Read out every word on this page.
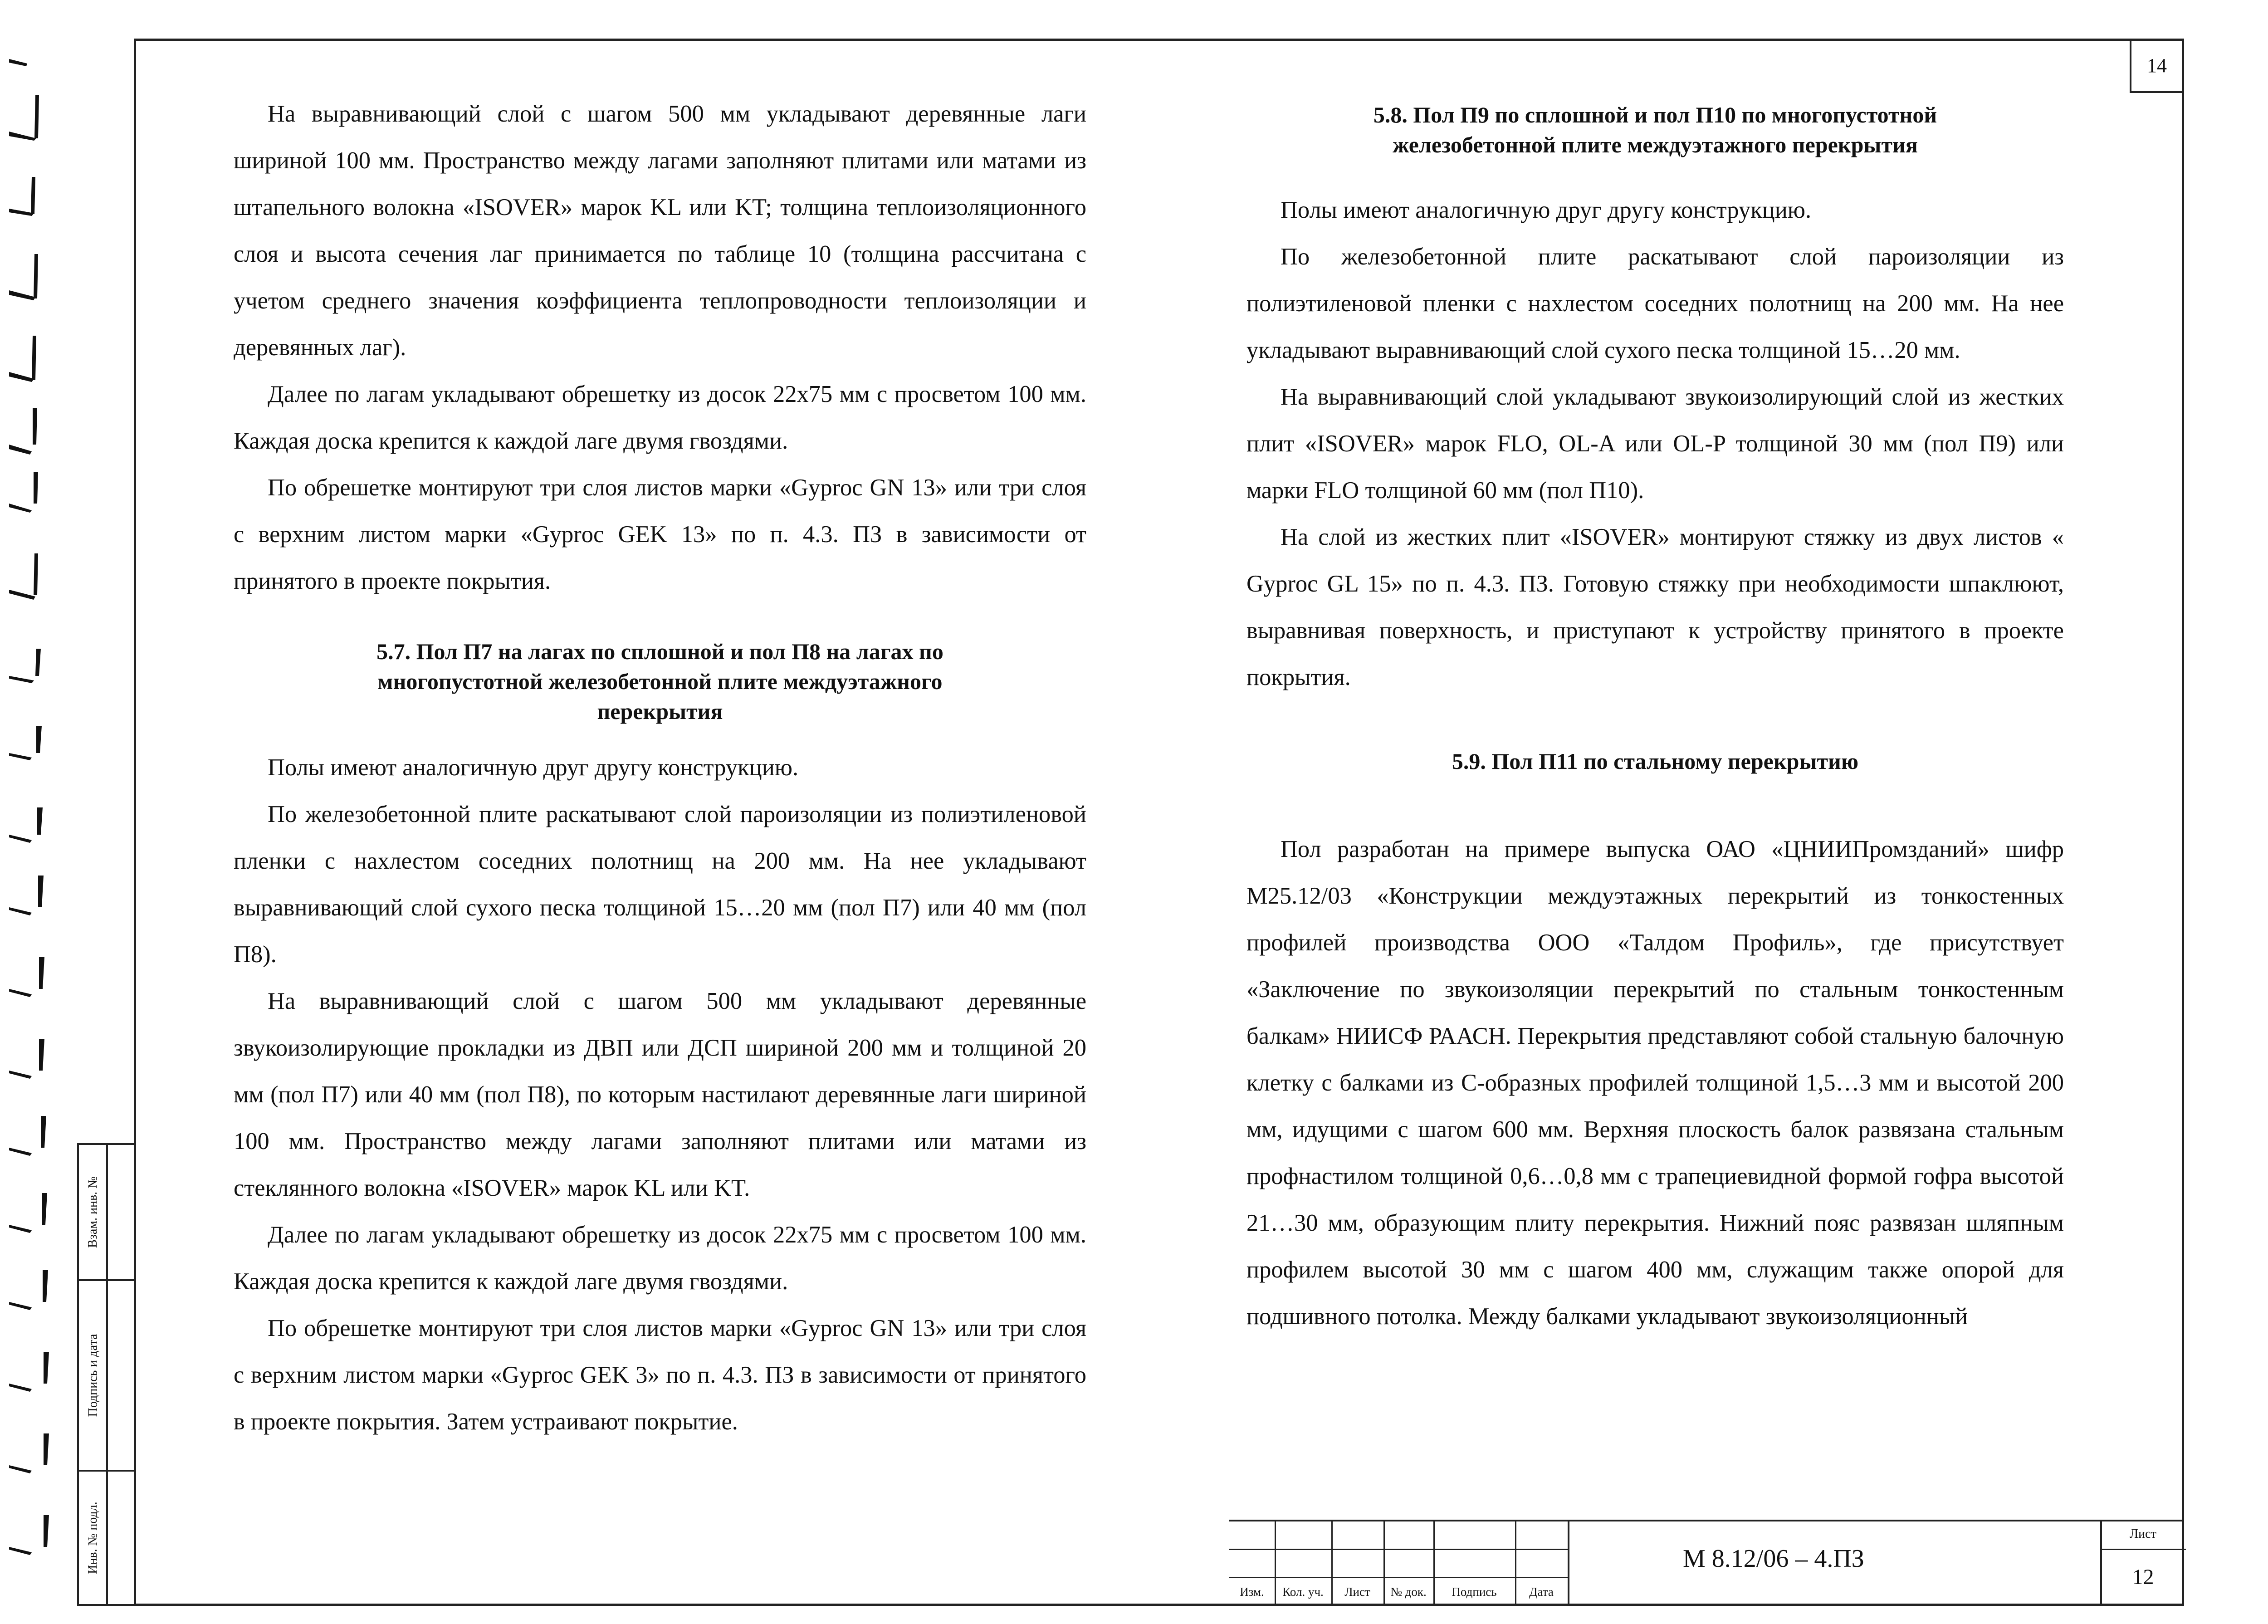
14

На выравнивающий слой с шагом 500 мм укладывают деревянные лаги шириной 100 мм. Пространство между лагами заполняют плитами или матами из штапельного волокна «ISOVER» марок KL или KT; толщина теплоизоляционного слоя и высота сечения лаг принимается по таблице 10 (толщина рассчитана с учетом среднего значения коэффициента теплопроводности теплоизоляции и деревянных лаг).

Далее по лагам укладывают обрешетку из досок 22х75 мм с просветом 100 мм. Каждая доска крепится к каждой лаге двумя гвоздями.

По обрешетке монтируют три слоя листов марки «Gyproc GN 13» или три слоя с верхним листом марки «Gyproc GEK 13» по п. 4.3. ПЗ в зависимости от принятого в проекте покрытия.

5.7. Пол П7 на лагах по сплошной и пол П8 на лагах по
многопустотной железобетонной плите междуэтажного
перекрытия

Полы имеют аналогичную друг другу конструкцию.

По железобетонной плите раскатывают слой пароизоляции из полиэтиленовой пленки с нахлестом соседних полотнищ на 200 мм. На нее укладывают выравнивающий слой сухого песка толщиной 15…20 мм (пол П7) или 40 мм (пол П8).

На выравнивающий слой с шагом 500 мм укладывают деревянные звукоизолирующие прокладки из ДВП или ДСП шириной 200 мм и толщиной 20 мм (пол П7) или 40 мм (пол П8), по которым настилают деревянные лаги шириной 100 мм. Пространство между лагами заполняют плитами или матами из стеклянного волокна «ISOVER» марок KL или KT.

Далее по лагам укладывают обрешетку из досок 22х75 мм с просветом 100 мм. Каждая доска крепится к каждой лаге двумя гвоздями.

По обрешетке монтируют три слоя листов марки «Gyproc GN 13» или три слоя с верхним листом марки «Gyproc GEK 3» по п. 4.3. ПЗ в зависимости от принятого в проекте покрытия. Затем устраивают покрытие.

5.8. Пол П9 по сплошной и пол П10 по многопустотной
железобетонной плите междуэтажного перекрытия

Полы имеют аналогичную друг другу конструкцию.

По железобетонной плите раскатывают слой пароизоляции из полиэтиленовой пленки с нахлестом соседних полотнищ на 200 мм. На нее укладывают выравнивающий слой сухого песка толщиной 15…20 мм.

На выравнивающий слой укладывают звукоизолирующий слой из жестких плит «ISOVER» марок FLO, OL-A или OL-P толщиной 30 мм (пол П9) или марки FLO толщиной 60 мм (пол П10).

На слой из жестких плит «ISOVER» монтируют стяжку из двух листов « Gyproc GL 15» по п. 4.3. ПЗ. Готовую стяжку при необходимости шпаклюют, выравнивая поверхность, и приступают к устройству принятого в проекте покрытия.

5.9. Пол П11 по стальному перекрытию

Пол разработан на примере выпуска ОАО «ЦНИИПромзданий» шифр М25.12/03 «Конструкции междуэтажных перекрытий из тонкостенных профилей производства ООО «Талдом Профиль», где присутствует «Заключение по звукоизоляции перекрытий по стальным тонкостенным балкам» НИИСФ РААСН. Перекрытия представляют собой стальную балочную клетку с балками из С-образных профилей толщиной 1,5…3 мм и высотой 200 мм, идущими с шагом 600 мм. Верхняя плоскость балок развязана стальным профнастилом толщиной 0,6…0,8 мм с трапециевидной формой гофра высотой 21…30 мм, образующим плиту перекрытия. Нижний пояс развязан шляпным профилем высотой 30 мм с шагом 400 мм, служащим также опорой для подшивного потолка. Между балками укладывают звукоизоляционный

Взам. инв. №
Подпись и дата
Инв. № подл.
Изм.	Кол. уч.	Лист	№ док.	Подпись	Дата
М 8.12/06 – 4.ПЗ
Лист
12
